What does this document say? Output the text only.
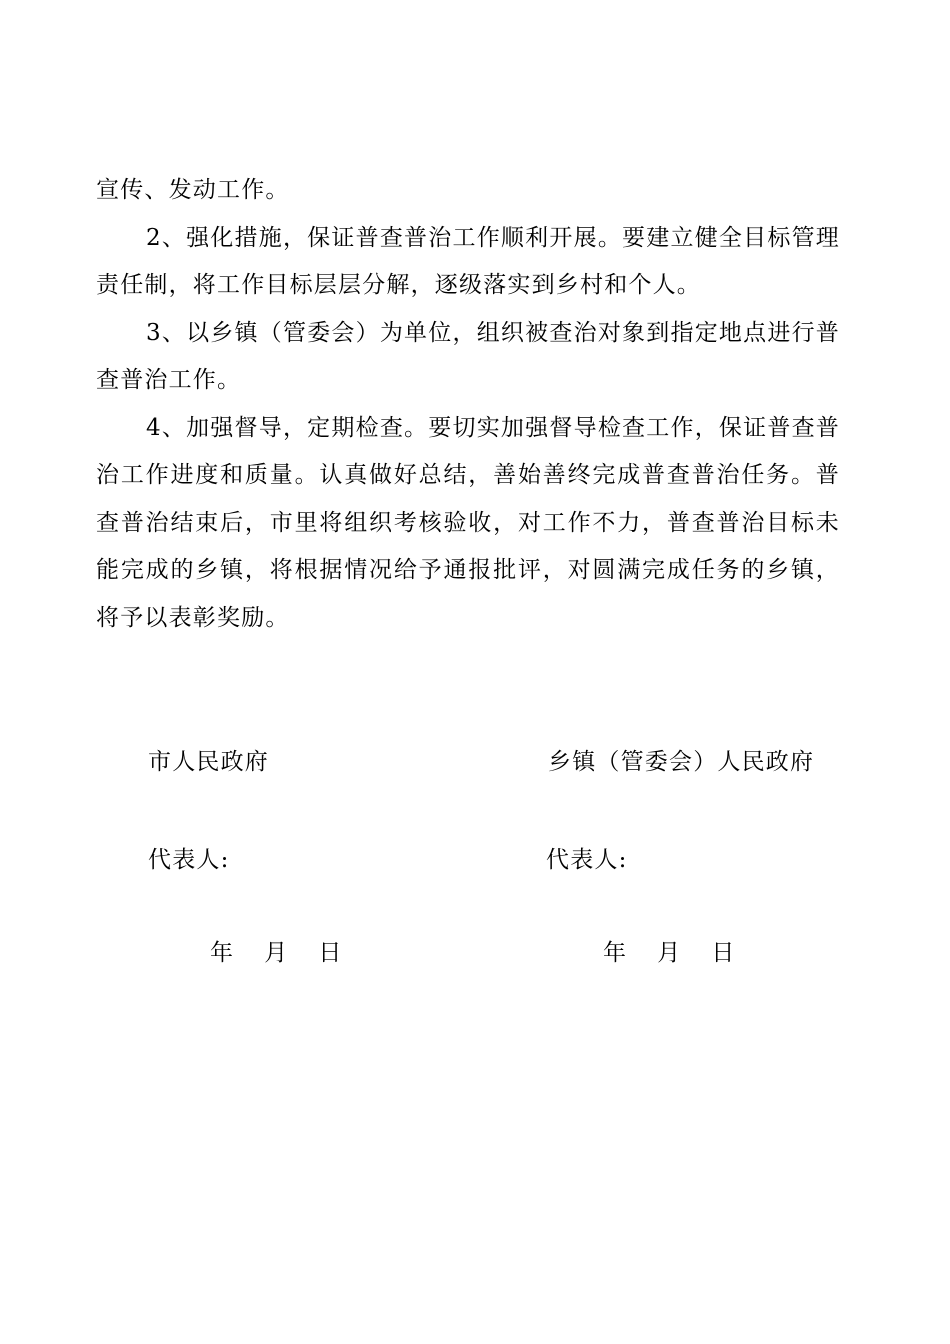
宣传、发动工作。

2、强化措施，保证普查普治工作顺利开展。要建立健全目标管理责任制，将工作目标层层分解，逐级落实到乡村和个人。

3、以乡镇（管委会）为单位，组织被查治对象到指定地点进行普查普治工作。

4、加强督导，定期检查。要切实加强督导检查工作，保证普查普治工作进度和质量。认真做好总结，善始善终完成普查普治任务。普查普治结束后，市里将组织考核验收，对工作不力，普查普治目标未能完成的乡镇，将根据情况给予通报批评，对圆满完成任务的乡镇，将予以表彰奖励。

市人民政府	乡镇（管委会）人民政府
代表人:	代表人:
年 月 日	年 月 日
